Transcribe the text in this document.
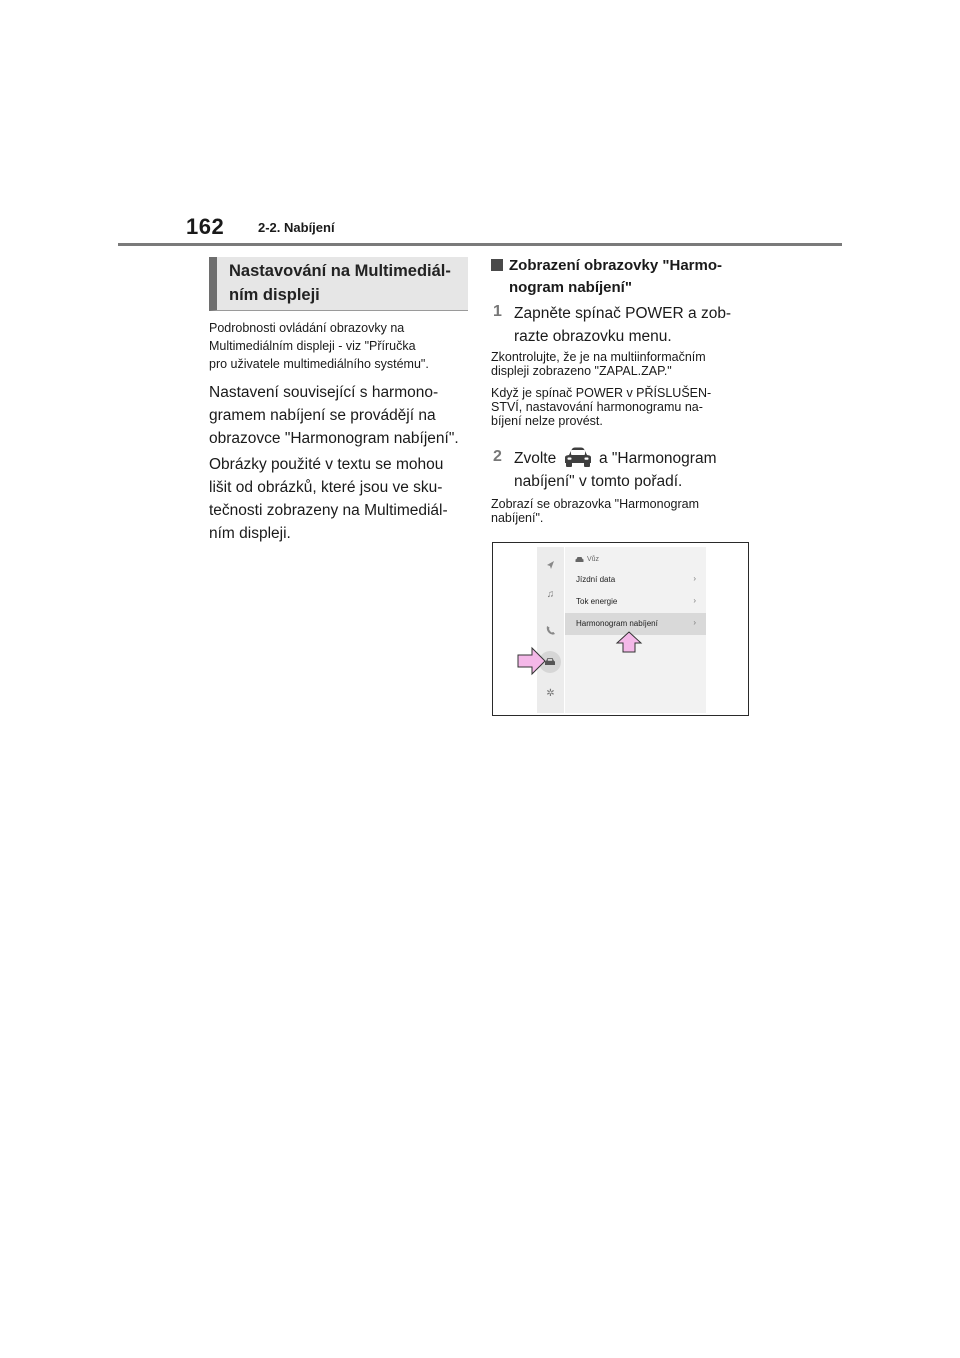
162	2-2. Nabíjení
Nastavování na Multimediál-
ním displeji
Podrobnosti ovládání obrazovky na
Multimediálním displeji - viz "Příručka
pro uživatele multimediálního systému".
Nastavení související s harmono-
gramem nabíjení se provádějí na
obrazovce "Harmonogram nabíjení".
Obrázky použité v textu se mohou
lišit od obrázků, které jsou ve sku-
tečnosti zobrazeny na Multimediál-
ním displeji.
Zobrazení obrazovky "Harmo-
nogram nabíjení"
1 Zapněte spínač POWER a zob-
razte obrazovku menu.
Zkontrolujte, že je na multiinformačním
displeji zobrazeno "ZAPAL.ZAP."
Když je spínač POWER v PŘÍSLUŠEN-
STVÍ, nastavování harmonogramu na-
bíjení nelze provést.
2 Zvolte	a "Harmonogram
nabíjení" v tomto pořadí.
Zobrazí se obrazovka "Harmonogram
nabíjení".
♫
✲
Vůz
Jízdní data	›
Tok energie	›
Harmonogram nabíjení	›
